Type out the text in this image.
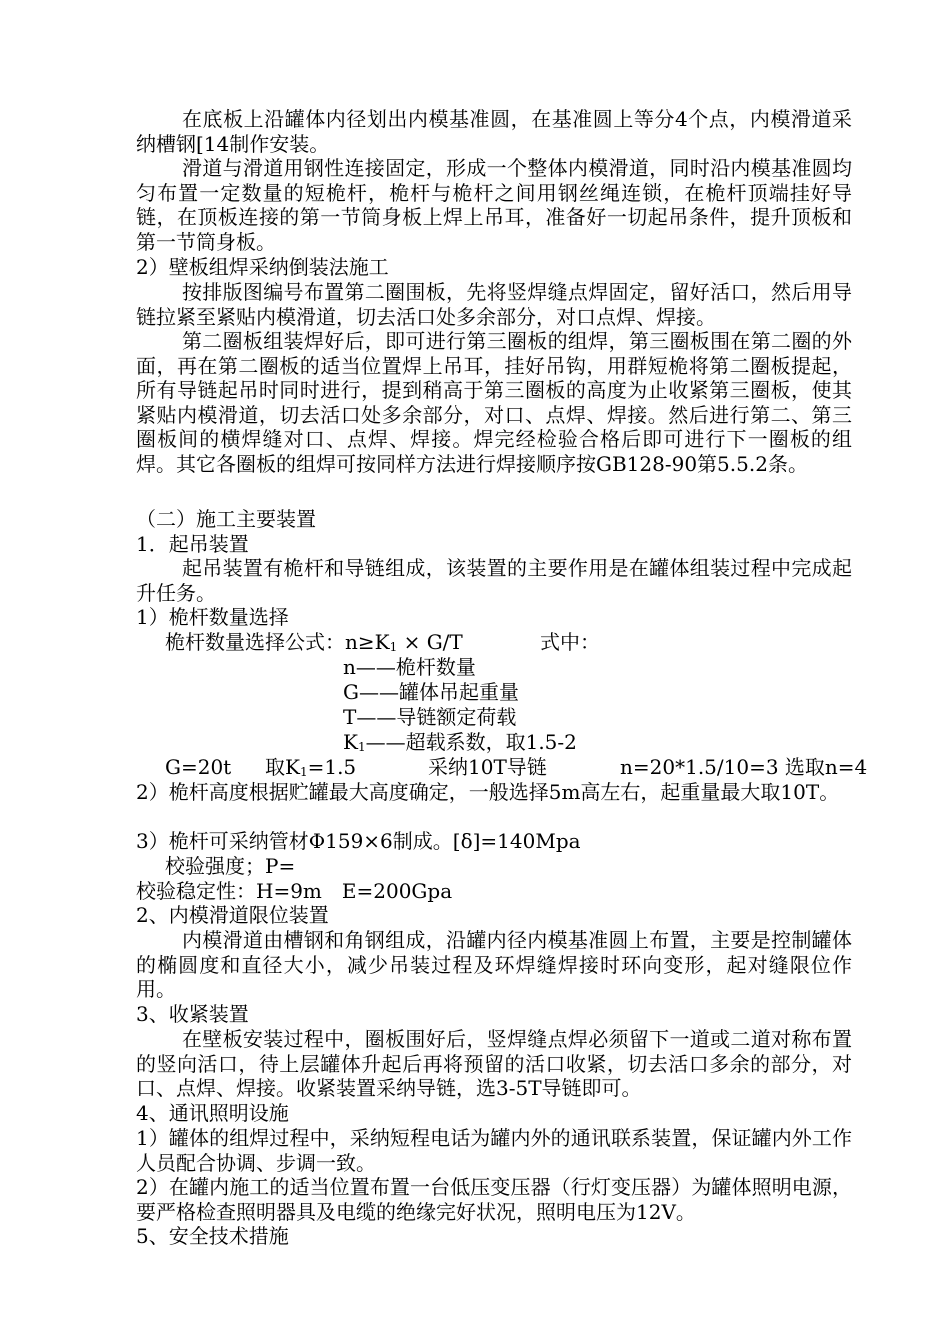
在底板上沿罐体内径划出内模基准圆，在基准圆上等分4个点，内模滑道采纳槽钢[14制作安装。

滑道与滑道用钢性连接固定，形成一个整体内模滑道，同时沿内模基准圆均匀布置一定数量的短桅杆，桅杆与桅杆之间用钢丝绳连锁，在桅杆顶端挂好导链，在顶板连接的第一节筒身板上焊上吊耳，准备好一切起吊条件，提升顶板和第一节筒身板。

2）壁板组焊采纳倒装法施工

按排版图编号布置第二圈围板，先将竖焊缝点焊固定，留好活口，然后用导链拉紧至紧贴内模滑道，切去活口处多余部分，对口点焊、焊接。

第二圈板组装焊好后，即可进行第三圈板的组焊，第三圈板围在第二圈的外面，再在第二圈板的适当位置焊上吊耳，挂好吊钩，用群短桅将第二圈板提起，所有导链起吊时同时进行，提到稍高于第三圈板的高度为止收紧第三圈板，使其紧贴内模滑道，切去活口处多余部分，对口、点焊、焊接。然后进行第二、第三圈板间的横焊缝对口、点焊、焊接。焊完经检验合格后即可进行下一圈板的组焊。其它各圈板的组焊可按同样方法进行焊接顺序按GB128-90第5.5.2条。

（二）施工主要装置

1．起吊装置

起吊装置有桅杆和导链组成，该装置的主要作用是在罐体组装过程中完成起升任务。

1）桅杆数量选择

桅杆数量选择公式： $n\ge K_1 \times G/T$	式中：
n——桅杆数量
G——罐体吊起重量
T——导链额定荷载
$K_1——$超载系数，取1.5-2
G=20t 取$K_1=1.5$	采纳10T导链	n=20*1.5/10=3 选取n=4

2）桅杆高度根据贮罐最大高度确定，一般选择5m高左右，起重量最大取10T。

3）桅杆可采纳管材Φ159×6制成。[δ]=140Mpa

校验强度；P=

校验稳定性：H=9m　E=200Gpa

2、内模滑道限位装置

内模滑道由槽钢和角钢组成，沿罐内径内模基准圆上布置，主要是控制罐体的椭圆度和直径大小，减少吊装过程及环焊缝焊接时环向变形，起对缝限位作用。

3、收紧装置

在壁板安装过程中，圈板围好后，竖焊缝点焊必须留下一道或二道对称布置的竖向活口，待上层罐体升起后再将预留的活口收紧，切去活口多余的部分，对口、点焊、焊接。收紧装置采纳导链，选3-5T导链即可。

4、通讯照明设施

1）罐体的组焊过程中，采纳短程电话为罐内外的通讯联系装置，保证罐内外工作人员配合协调、步调一致。

2）在罐内施工的适当位置布置一台低压变压器（行灯变压器）为罐体照明电源，要严格检查照明器具及电缆的绝缘完好状况，照明电压为12V。

5、安全技术措施
